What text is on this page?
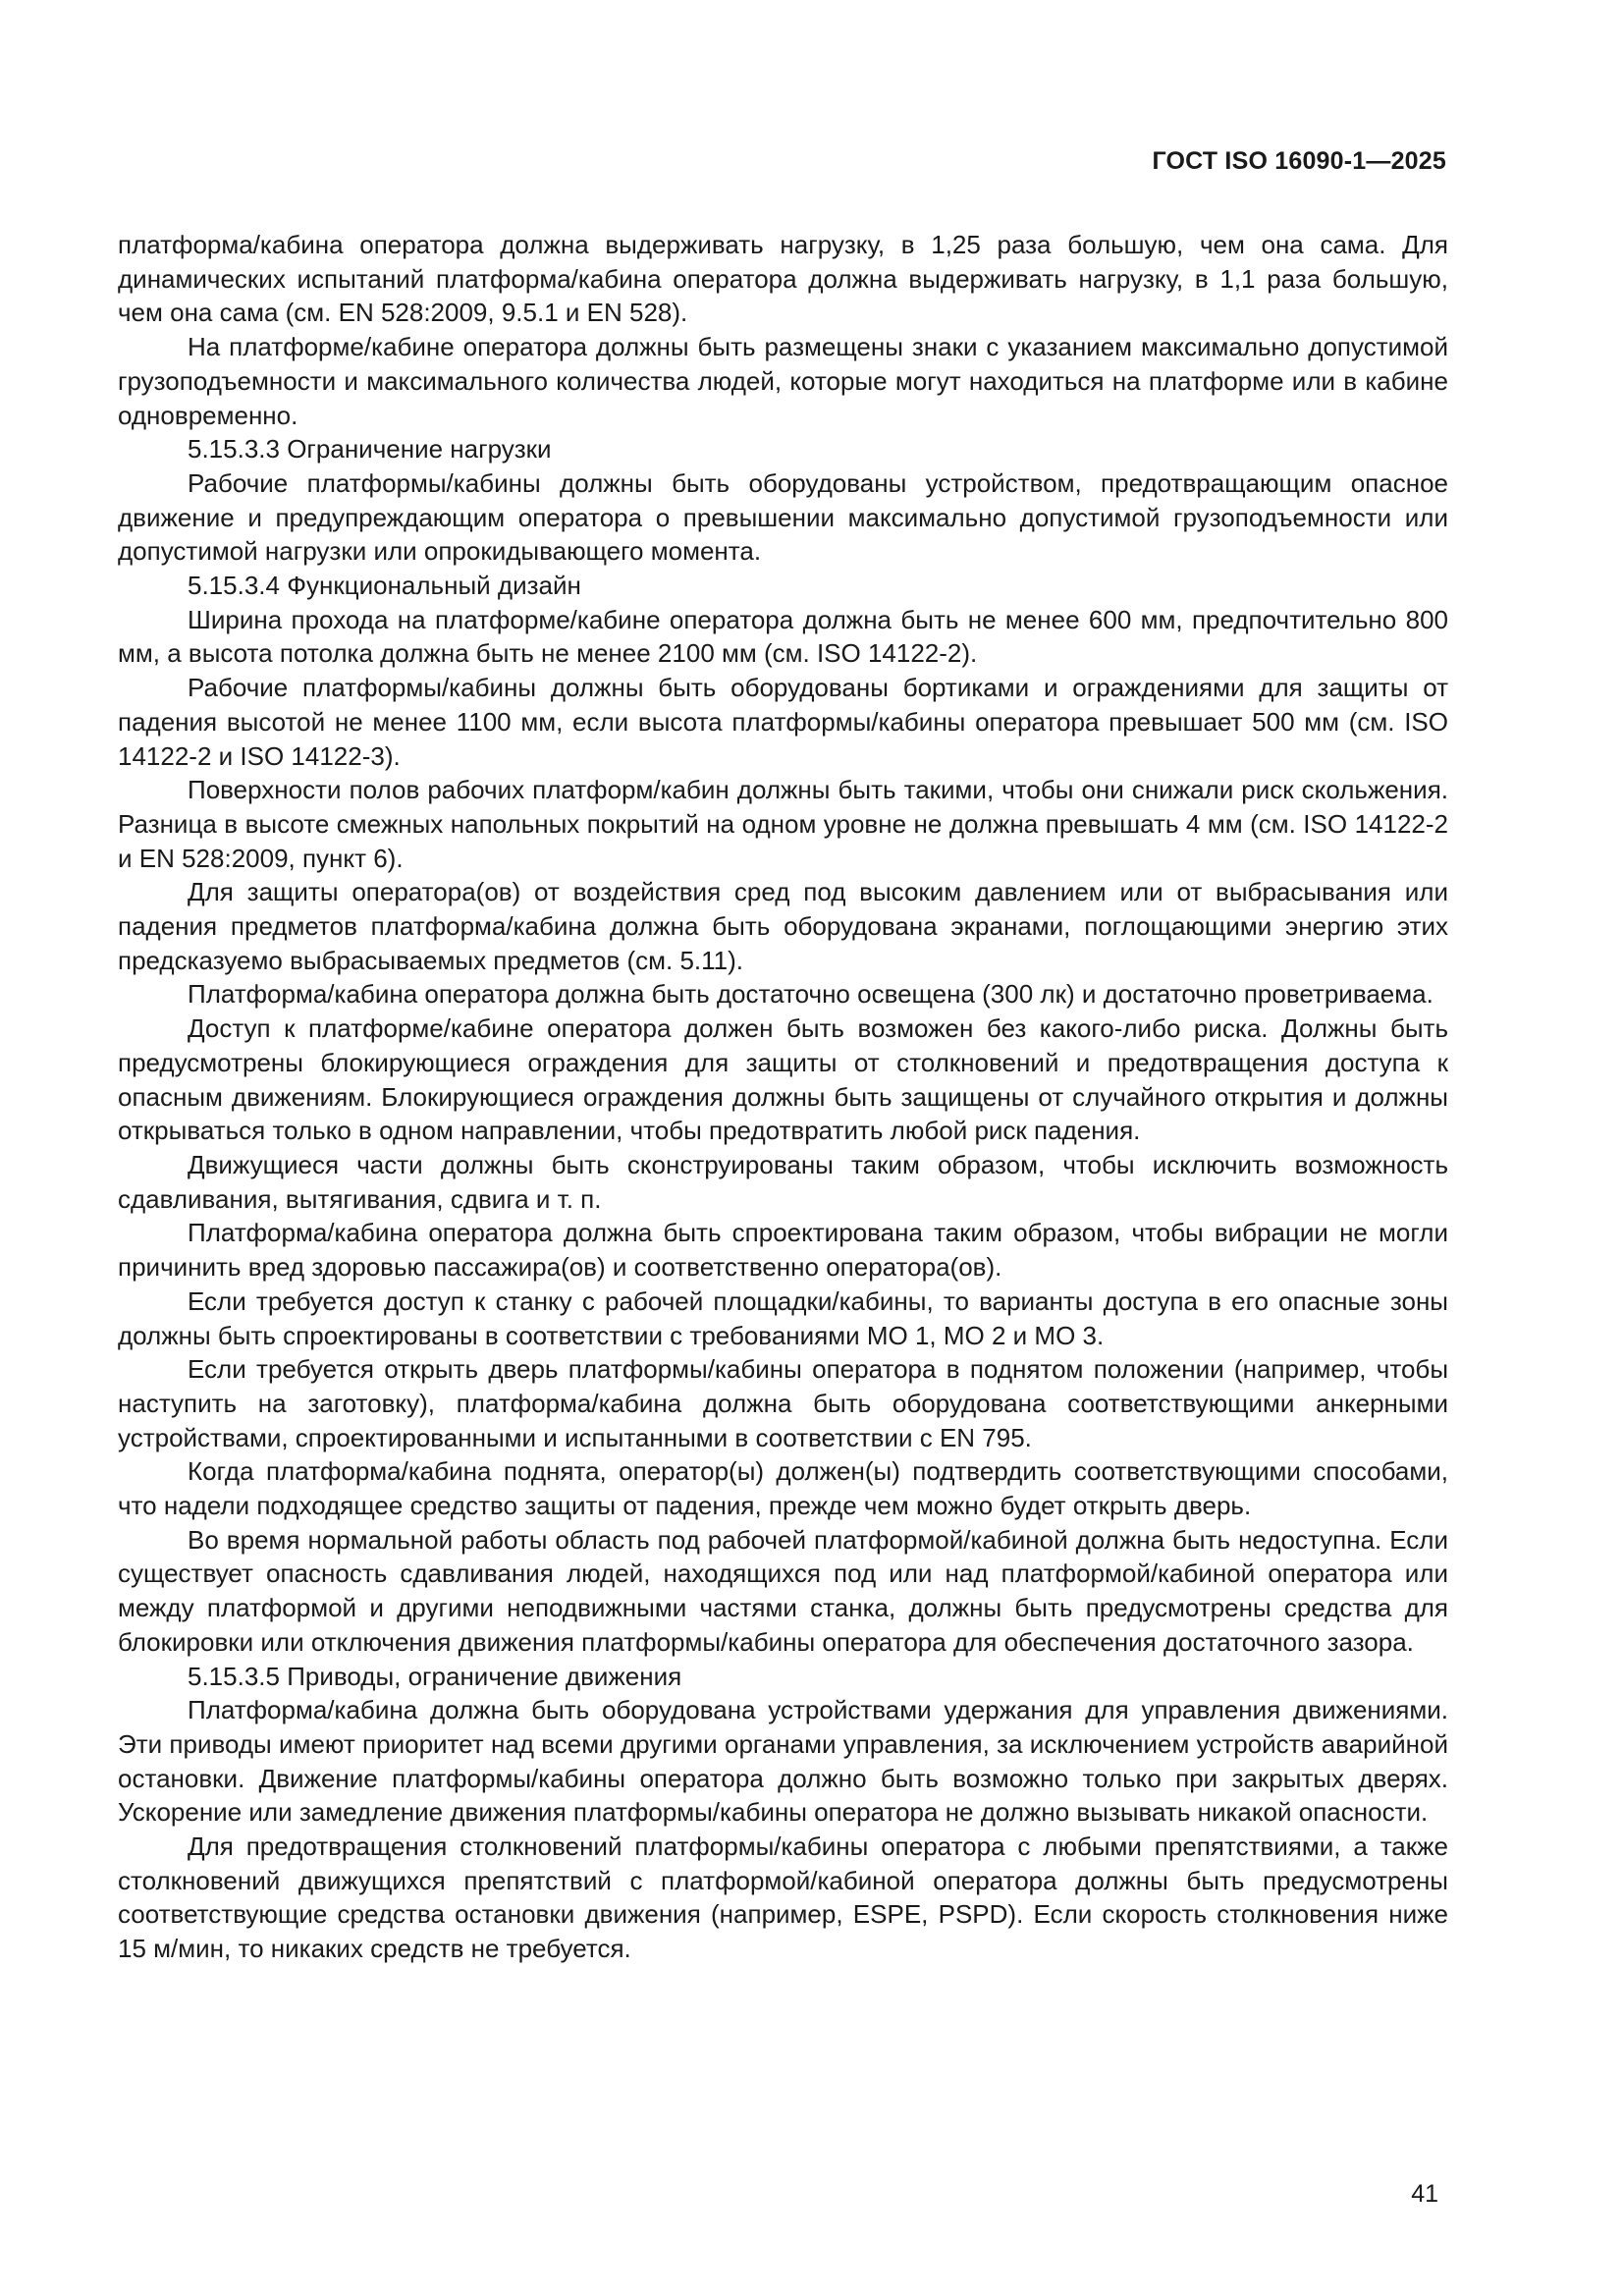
ГОСТ ISO 16090-1—2025

платформа/кабина оператора должна выдерживать нагрузку, в 1,25 раза большую, чем она сама. Для динамических испытаний платформа/кабина оператора должна выдерживать нагрузку, в 1,1 раза большую, чем она сама (см. EN 528:2009, 9.5.1 и EN 528).

На платформе/кабине оператора должны быть размещены знаки с указанием максимально допустимой грузоподъемности и максимального количества людей, которые могут находиться на платформе или в кабине одновременно.

5.15.3.3 Ограничение нагрузки

Рабочие платформы/кабины должны быть оборудованы устройством, предотвращающим опасное движение и предупреждающим оператора о превышении максимально допустимой грузоподъемности или допустимой нагрузки или опрокидывающего момента.

5.15.3.4 Функциональный дизайн

Ширина прохода на платформе/кабине оператора должна быть не менее 600 мм, предпочтительно 800 мм, а высота потолка должна быть не менее 2100 мм (см. ISO 14122-2).

Рабочие платформы/кабины должны быть оборудованы бортиками и ограждениями для защиты от падения высотой не менее 1100 мм, если высота платформы/кабины оператора превышает 500 мм (см. ISO 14122-2 и ISO 14122-3).

Поверхности полов рабочих платформ/кабин должны быть такими, чтобы они снижали риск скольжения. Разница в высоте смежных напольных покрытий на одном уровне не должна превышать 4 мм (см. ISO 14122-2 и EN 528:2009, пункт 6).

Для защиты оператора(ов) от воздействия сред под высоким давлением или от выбрасывания или падения предметов платформа/кабина должна быть оборудована экранами, поглощающими энергию этих предсказуемо выбрасываемых предметов (см. 5.11).

Платформа/кабина оператора должна быть достаточно освещена (300 лк) и достаточно проветриваема.

Доступ к платформе/кабине оператора должен быть возможен без какого-либо риска. Должны быть предусмотрены блокирующиеся ограждения для защиты от столкновений и предотвращения доступа к опасным движениям. Блокирующиеся ограждения должны быть защищены от случайного открытия и должны открываться только в одном направлении, чтобы предотвратить любой риск падения.

Движущиеся части должны быть сконструированы таким образом, чтобы исключить возможность сдавливания, вытягивания, сдвига и т. п.

Платформа/кабина оператора должна быть спроектирована таким образом, чтобы вибрации не могли причинить вред здоровью пассажира(ов) и соответственно оператора(ов).

Если требуется доступ к станку с рабочей площадки/кабины, то варианты доступа в его опасные зоны должны быть спроектированы в соответствии с требованиями МО 1, МО 2 и МО 3.

Если требуется открыть дверь платформы/кабины оператора в поднятом положении (например, чтобы наступить на заготовку), платформа/кабина должна быть оборудована соответствующими анкерными устройствами, спроектированными и испытанными в соответствии с EN 795.

Когда платформа/кабина поднята, оператор(ы) должен(ы) подтвердить соответствующими способами, что надели подходящее средство защиты от падения, прежде чем можно будет открыть дверь.

Во время нормальной работы область под рабочей платформой/кабиной должна быть недоступна. Если существует опасность сдавливания людей, находящихся под или над платформой/кабиной оператора или между платформой и другими неподвижными частями станка, должны быть предусмотрены средства для блокировки или отключения движения платформы/кабины оператора для обеспечения достаточного зазора.

5.15.3.5 Приводы, ограничение движения

Платформа/кабина должна быть оборудована устройствами удержания для управления движениями. Эти приводы имеют приоритет над всеми другими органами управления, за исключением устройств аварийной остановки. Движение платформы/кабины оператора должно быть возможно только при закрытых дверях. Ускорение или замедление движения платформы/кабины оператора не должно вызывать никакой опасности.

Для предотвращения столкновений платформы/кабины оператора с любыми препятствиями, а также столкновений движущихся препятствий с платформой/кабиной оператора должны быть предусмотрены соответствующие средства остановки движения (например, ESPE, PSPD). Если скорость столкновения ниже 15 м/мин, то никаких средств не требуется.

41
